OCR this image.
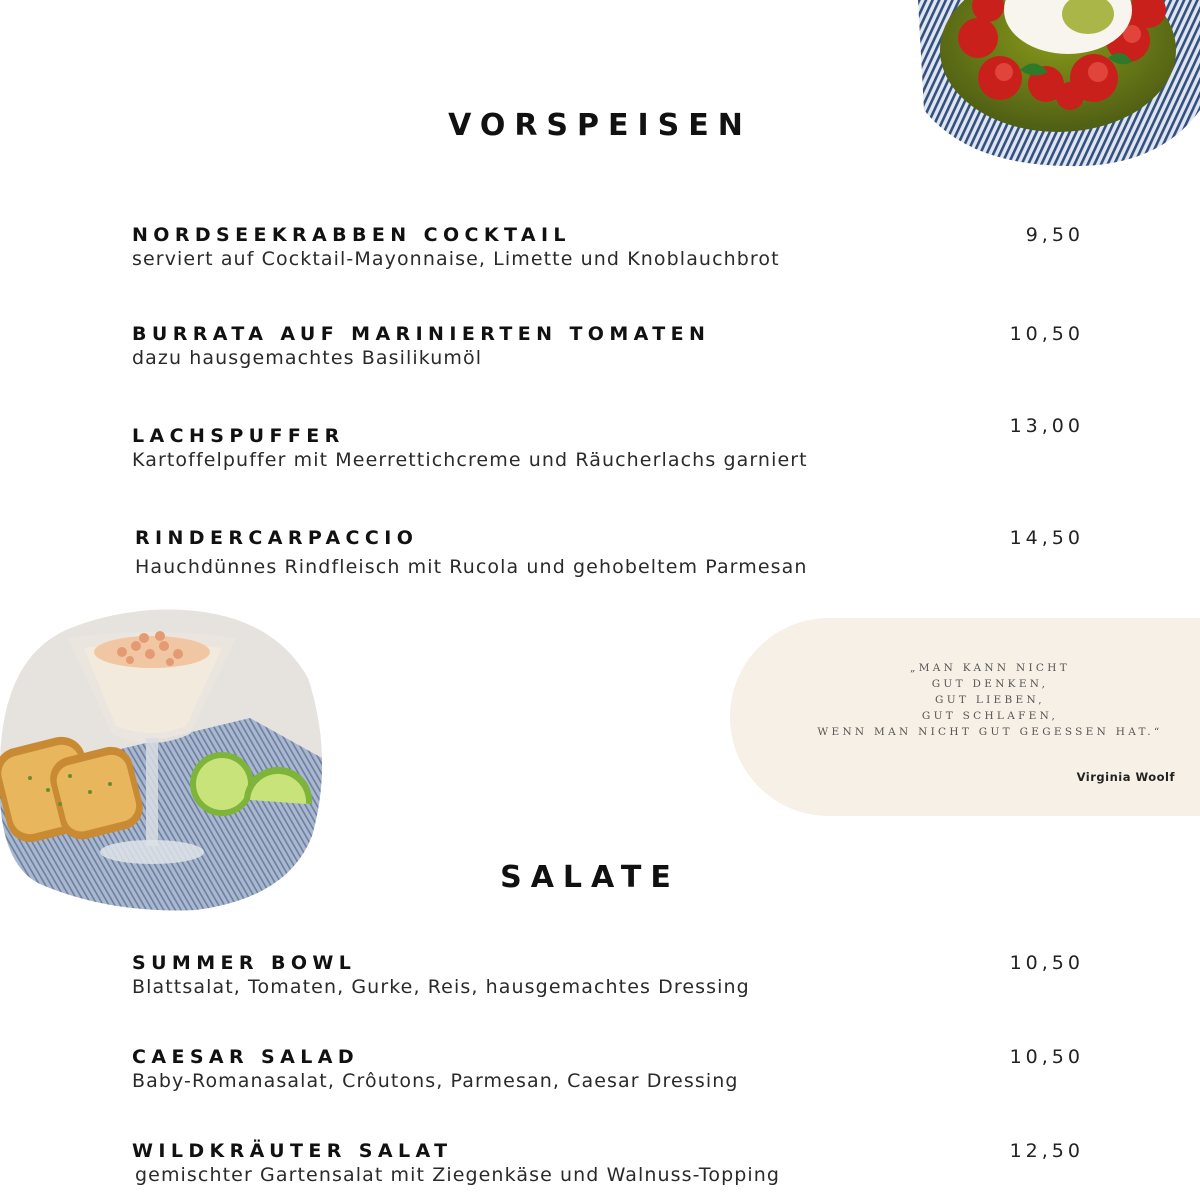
VORSPEISEN
NORDSEEKRABBEN COCKTAIL
serviert auf Cocktail-Mayonnaise, Limette und Knoblauchbrot
9,50
BURRATA AUF MARINIERTEN TOMATEN
dazu hausgemachtes Basilikumöl
10,50
LACHSPUFFER
Kartoffelpuffer mit Meerrettichcreme und Räucherlachs garniert
13,00
RINDERCARPACCIO
Hauchdünnes Rindfleisch mit Rucola und gehobeltem Parmesan
14,50
„MAN KANN NICHT
GUT DENKEN,
GUT LIEBEN,
GUT SCHLAFEN,
WENN MAN NICHT GUT GEGESSEN HAT.“
Virginia Woolf
SALATE
SUMMER BOWL
Blattsalat, Tomaten, Gurke, Reis, hausgemachtes Dressing
10,50
CAESAR SALAD
Baby-Romanasalat, Crôutons, Parmesan, Caesar Dressing
10,50
WILDKRÄUTER SALAT
gemischter Gartensalat mit Ziegenkäse und Walnuss-Topping
12,50
